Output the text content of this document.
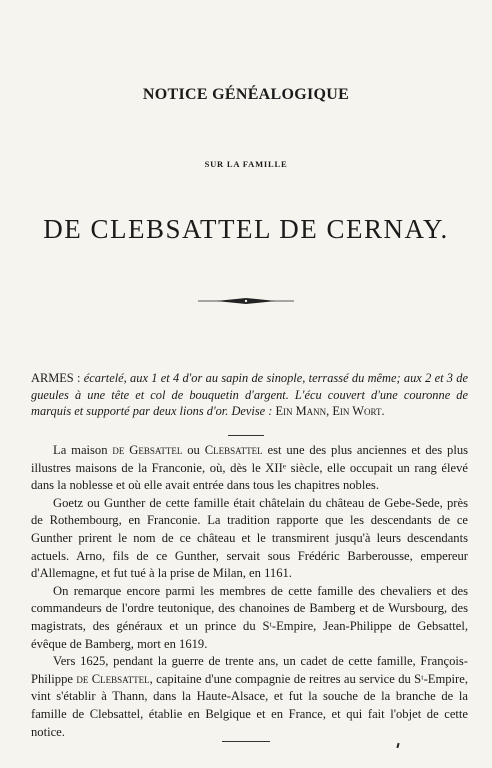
NOTICE GÉNÉALOGIQUE
SUR LA FAMILLE
DE CLEBSATTEL DE CERNAY.
ARMES : écartelé, aux 1 et 4 d'or au sapin de sinople, terrassé du même; aux 2 et 3 de gueules à une tête et col de bouquetin d'argent. L'écu couvert d'une couronne de marquis et supporté par deux lions d'or. Devise : Ein Mann, Ein Wort.

La maison de Gebsattel ou Clebsattel est une des plus anciennes et des plus illustres maisons de la Franconie, où, dès le XIIᵉ siècle, elle occupait un rang élevé dans la noblesse et où elle avait entrée dans tous les chapitres nobles.

Goetz ou Gunther de cette famille était châtelain du château de Gebe-Sede, près de Rothembourg, en Franconie. La tradition rapporte que les descendants de ce Gunther prirent le nom de ce château et le transmirent jusqu'à leurs descendants actuels. Arno, fils de ce Gunther, servait sous Frédéric Barberousse, empereur d'Allemagne, et fut tué à la prise de Milan, en 1161.

On remarque encore parmi les membres de cette famille des chevaliers et des commandeurs de l'ordre teutonique, des chanoines de Bamberg et de Wursbourg, des magistrats, des généraux et un prince du Sᵗ-Empire, Jean-Philippe de Gebsattel, évêque de Bamberg, mort en 1619.

Vers 1625, pendant la guerre de trente ans, un cadet de cette famille, François-Philippe de Clebsattel, capitaine d'une compagnie de reitres au service du Sᵗ-Empire, vint s'établir à Thann, dans la Haute-Alsace, et fut la souche de la branche de la famille de Clebsattel, établie en Belgique et en France, et qui fait l'objet de cette notice.
